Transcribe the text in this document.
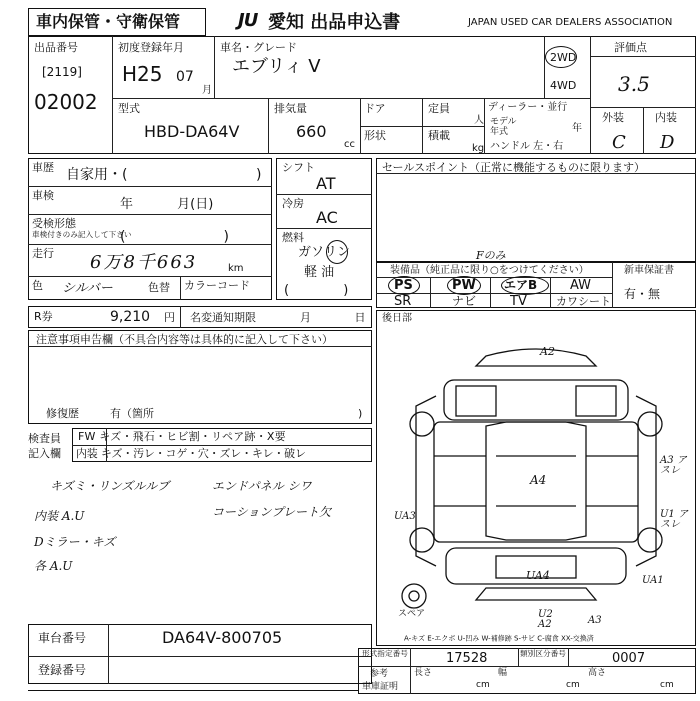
車内保管・守衛保管	JU 愛知 出品申込書	JAPAN USED CAR DEALERS ASSOCIATION
出品番号
[2119]
02002
初度登録年月
H25 07
月
車名・グレード
エブリィ V	2WD
4WD
評価点
3.5
外装	内装
C D
型式
HBD-DA64V
排気量
660
cc
ドア	定員
人
形状	積載
kg
ディーラー・並行
モデル
年式	年
ハンドル 左・右
車歴 自家用・(	)
車検
年 月(日)
受検形態
車検付きのみ記入して下さい
(　　　　　　　)
走行 6万8千663	km
色 シルバー	色替 カラーコード
シフト
AT
冷房
AC
燃料
ガソリン
軽 油
( )
セールスポイント（正常に機能するものに限ります）
Fのみ
装備品（純正品に限り○をつけてください）
PS	PW エアB	AW
SR	ナビ	TV	カワシート
新車保証書
有・無
R券	9,210 円 名変通知期限	月 日
注意事項申告欄（不具合内容等は具体的に記入して下さい）
修復歴	有（箇所	)
検査員
記入欄
FW キズ・飛石・ヒビ割・リペア跡・X要
内装 キズ・汚レ・コゲ・穴・ズレ・キレ・破レ
キズミ・リンズルルブ	エンドパネル シワ
内装 A.U	コーションプレート欠
Dミラー・キズ
各 A.U
後日部
A2
A4
A3 アスレ
U1 アスレ
UA3
UA4	UA1
U2
A2	A3
スペア
A-キズ E-エクボ U-凹み W-補修跡 S-サビ C-腐食 XX-交換済
車台番号	DA64V-800705
登録番号
形式指定番号	17528	類別区分番号	0007
参考	長さ
cm
幅
cm
高さ
cm
車庫証明
